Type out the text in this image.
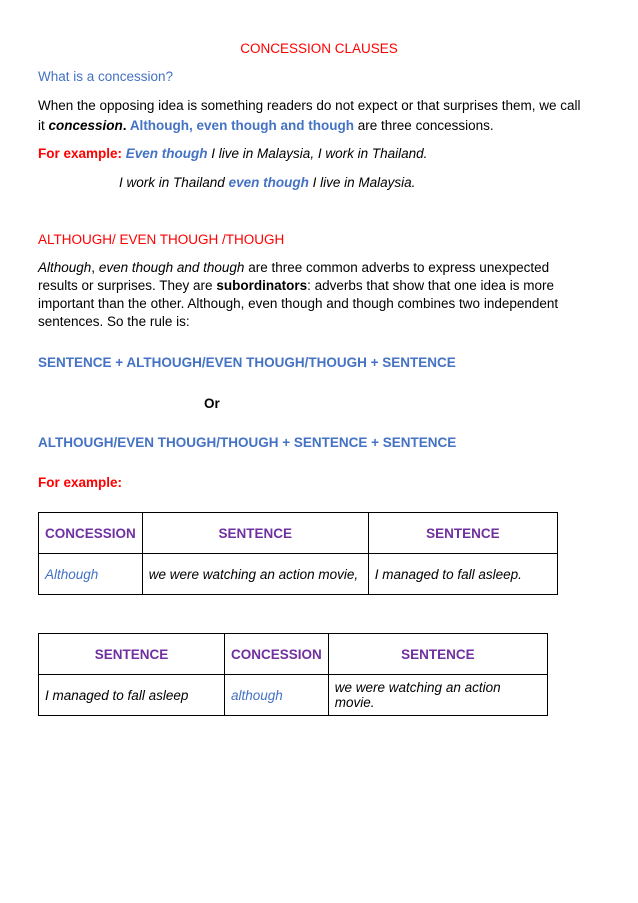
CONCESSION CLAUSES
What is a concession?
When the opposing idea is something readers do not expect or that surprises them, we call
it concession. Although, even though and though are three concessions.
For example: Even though I live in Malaysia, I work in Thailand.
I work in Thailand even though I live in Malaysia.
ALTHOUGH/ EVEN THOUGH /THOUGH
Although, even though and though are three common adverbs to express unexpected
results or surprises. They are subordinators: adverbs that show that one idea is more
important than the other. Although, even though and though combines two independent
sentences. So the rule is:
SENTENCE + ALTHOUGH/EVEN THOUGH/THOUGH + SENTENCE
Or
ALTHOUGH/EVEN THOUGH/THOUGH + SENTENCE + SENTENCE
For example:
CONCESSION	SENTENCE	SENTENCE
Although	we were watching an action movie,	I managed to fall asleep.
SENTENCE	CONCESSION	SENTENCE
I managed to fall asleep	although	we were watching an action movie.
